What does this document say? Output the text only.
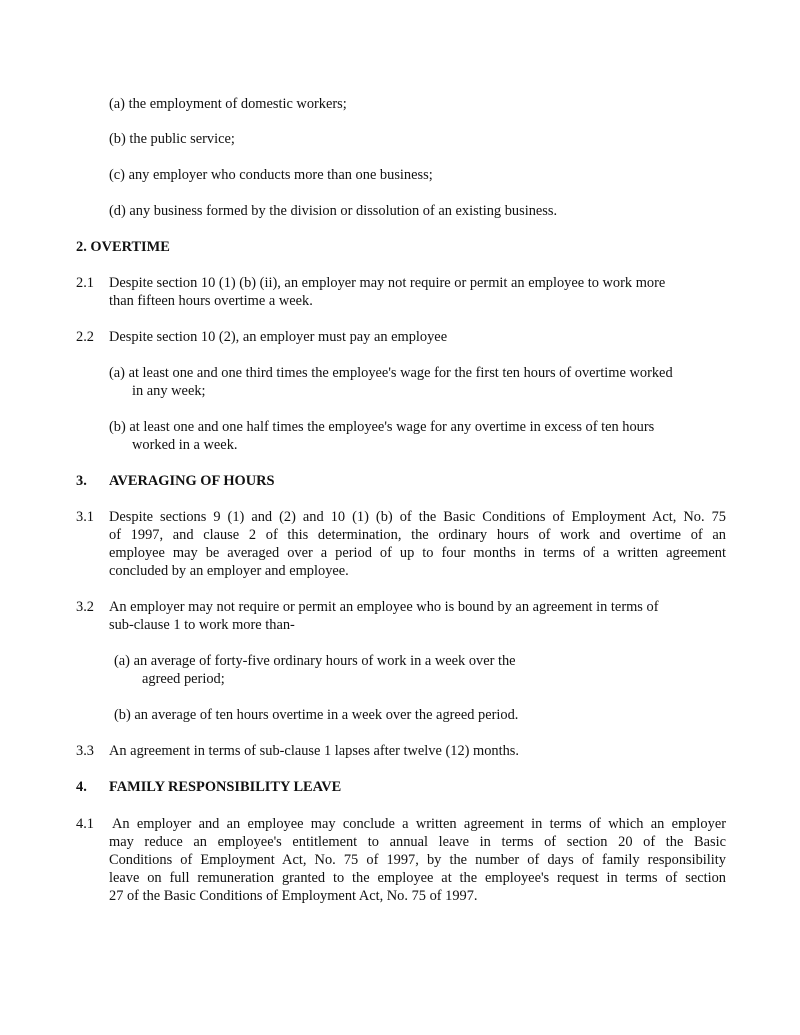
(a) the employment of domestic workers;
(b) the public service;
(c) any employer who conducts more than one business;
(d) any business formed by the division or dissolution of an existing business.
2. OVERTIME
2.1 Despite section 10 (1) (b) (ii), an employer may not require or permit an employee to work more
than fifteen hours overtime a week.
2.2 Despite section 10 (2), an employer must pay an employee
(a) at least one and one third times the employee's wage for the first ten hours of overtime worked
in any week;
(b) at least one and one half times the employee's wage for any overtime in excess of ten hours
worked in a week.
3. AVERAGING OF HOURS
3.1 Despite sections 9 (1) and (2) and 10 (1) (b) of the Basic Conditions of Employment Act, No. 75
of 1997, and clause 2 of this determination, the ordinary hours of work and overtime of an
employee may be averaged over a period of up to four months in terms of a written agreement
concluded by an employer and employee.
3.2 An employer may not require or permit an employee who is bound by an agreement in terms of
sub-clause 1 to work more than-
(a) an average of forty-five ordinary hours of work in a week over the
agreed period;
(b) an average of ten hours overtime in a week over the agreed period.
3.3 An agreement in terms of sub-clause 1 lapses after twelve (12) months.
4. FAMILY RESPONSIBILITY LEAVE
4.1 An employer and an employee may conclude a written agreement in terms of which an employer
may reduce an employee's entitlement to annual leave in terms of section 20 of the Basic
Conditions of Employment Act, No. 75 of 1997, by the number of days of family responsibility
leave on full remuneration granted to the employee at the employee's request in terms of section
27 of the Basic Conditions of Employment Act, No. 75 of 1997.
